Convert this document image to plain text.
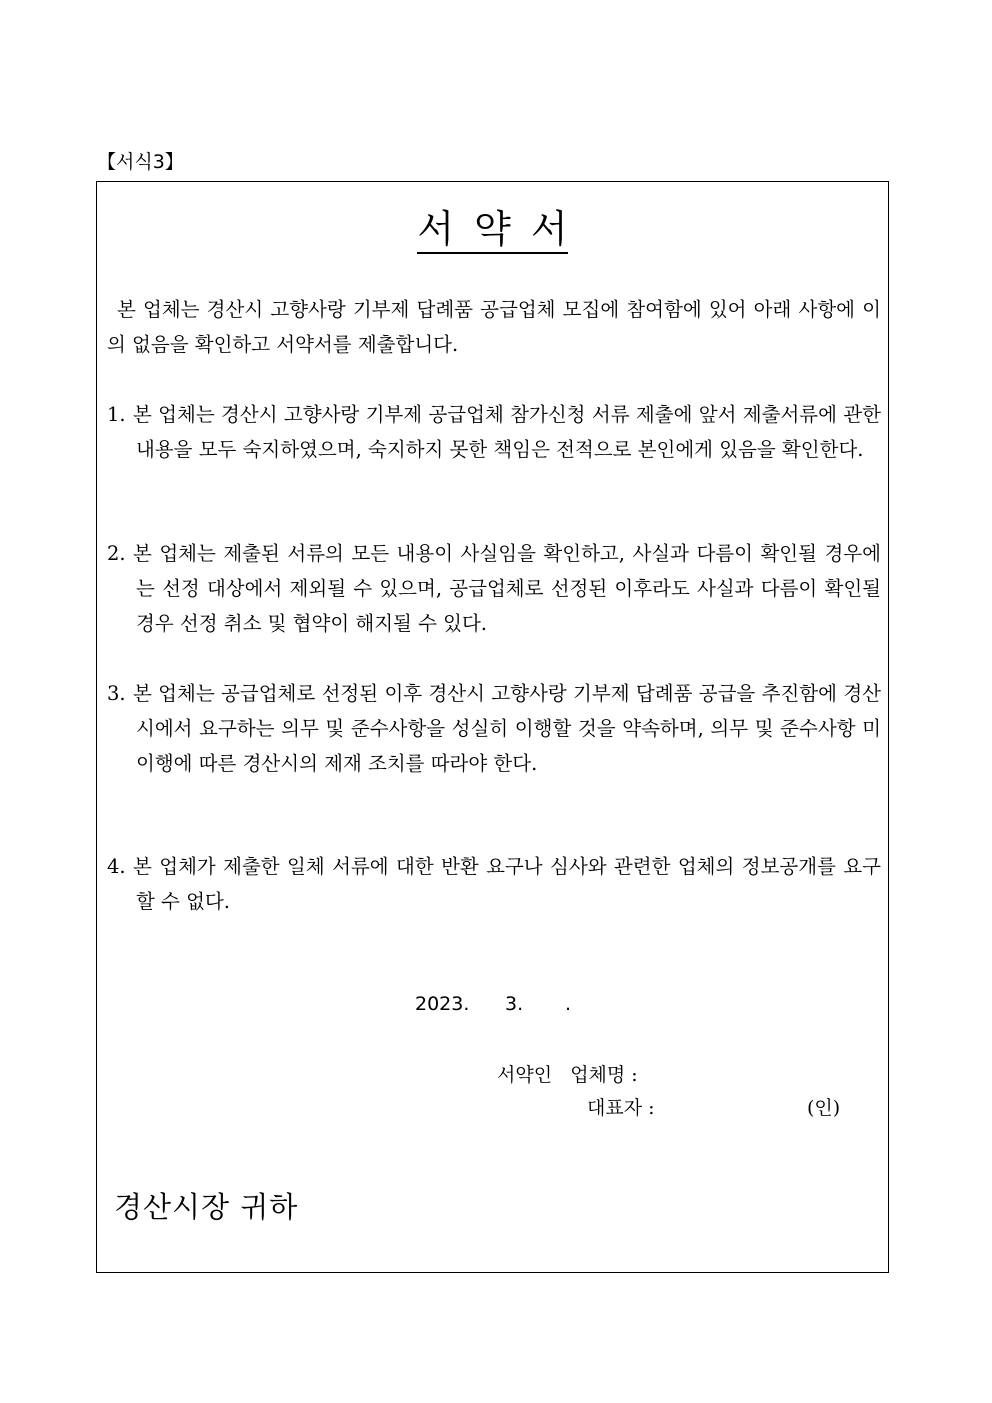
【서식3】
서 약 서
본 업체는 경산시 고향사랑 기부제 답례품 공급업체 모집에 참여함에 있어 아래 사항에 이의 없음을 확인하고 서약서를 제출합니다.
1. 본 업체는 경산시 고향사랑 기부제 공급업체 참가신청 서류 제출에 앞서 제출서류에 관한 내용을 모두 숙지하였으며, 숙지하지 못한 책임은 전적으로 본인에게 있음을 확인한다.
2. 본 업체는 제출된 서류의 모든 내용이 사실임을 확인하고, 사실과 다름이 확인될 경우에는 선정 대상에서 제외될 수 있으며, 공급업체로 선정된 이후라도 사실과 다름이 확인될 경우 선정 취소 및 협약이 해지될 수 있다.
3. 본 업체는 공급업체로 선정된 이후 경산시 고향사랑 기부제 답례품 공급을 추진함에 경산시에서 요구하는 의무 및 준수사항을 성실히 이행할 것을 약속하며, 의무 및 준수사항 미이행에 따른 경산시의 제재 조치를 따라야 한다.
4. 본 업체가 제출한 일체 서류에 대한 반환 요구나 심사와 관련한 업체의 정보공개를 요구할 수 없다.
2023. 3. .
서약인 업체명 :
대표자 :	(인)
경산시장 귀하
